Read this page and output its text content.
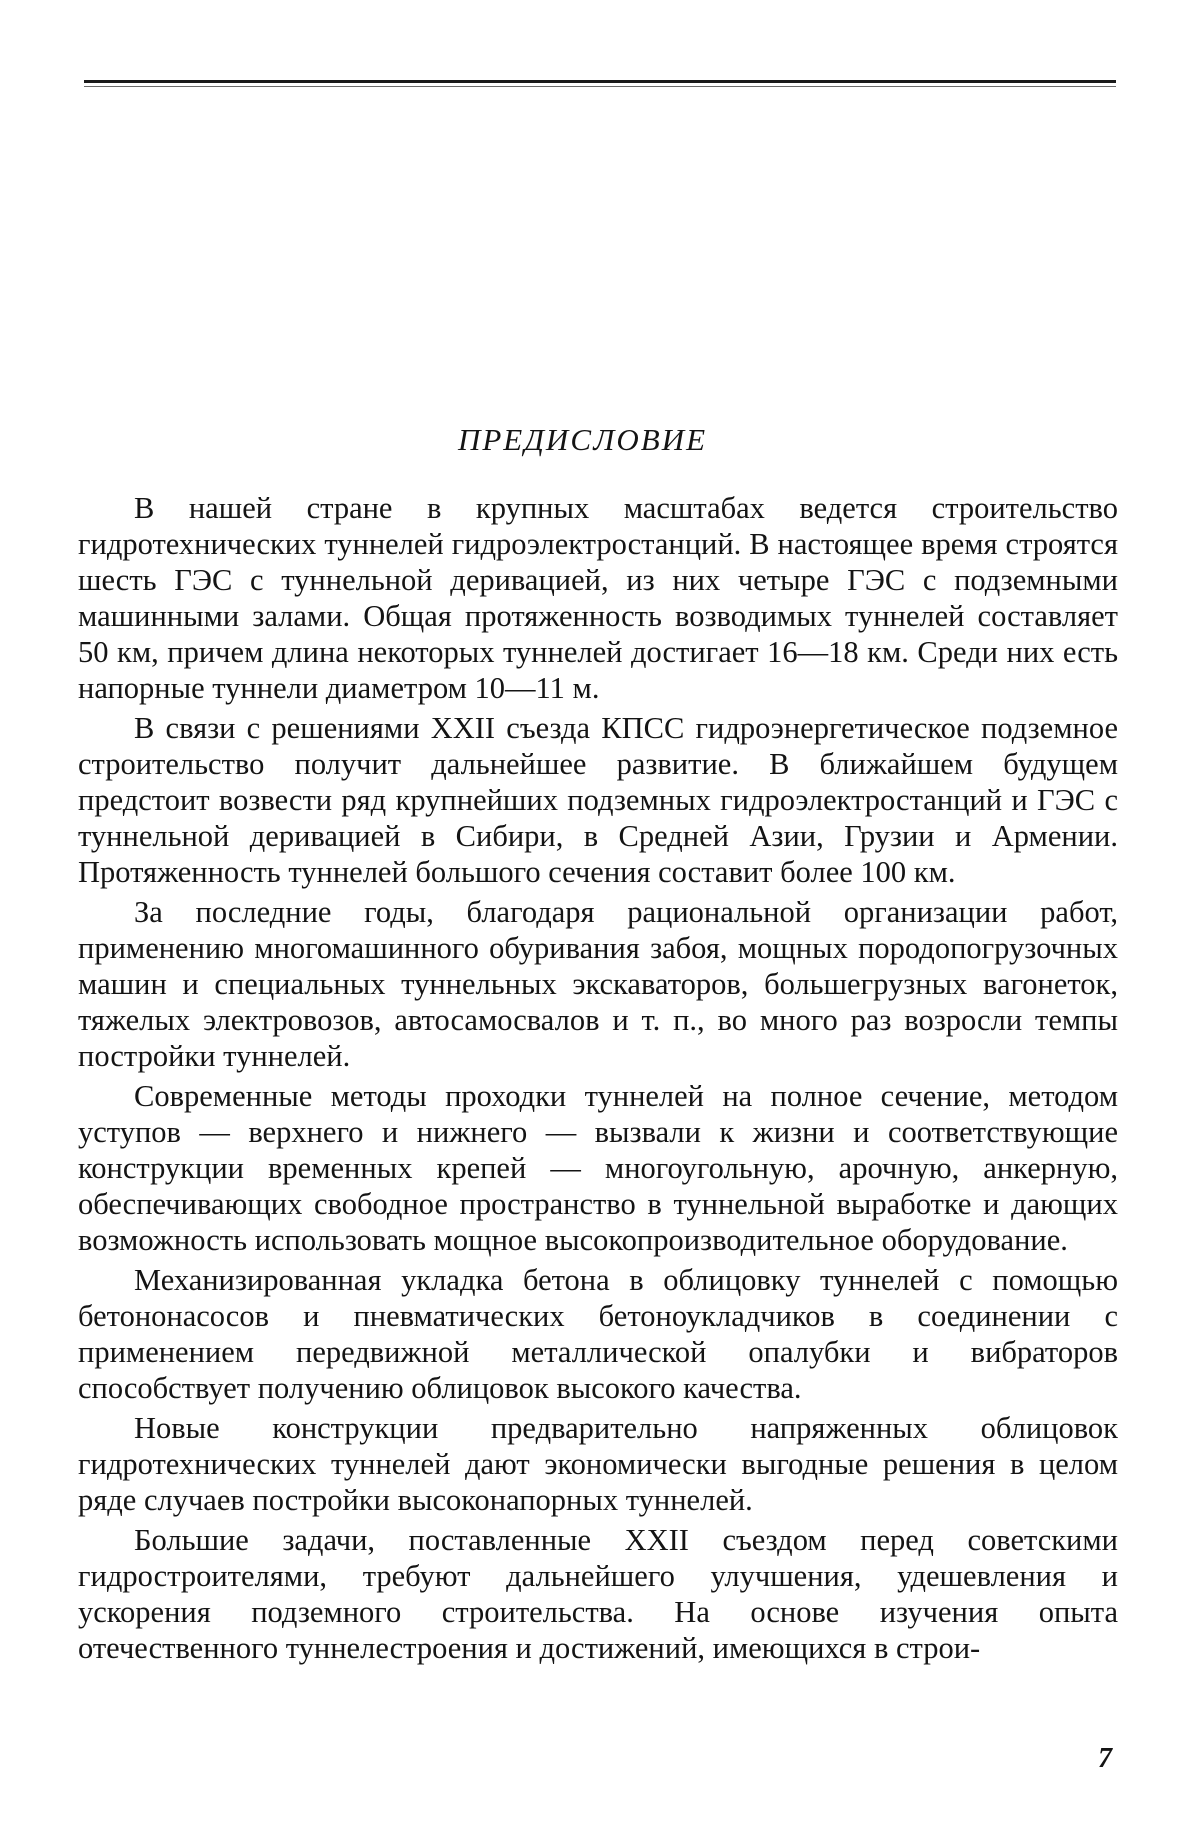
ПРЕДИСЛОВИЕ

В нашей стране в крупных масштабах ведется строительство гидротехнических туннелей гидроэлектростанций. В настоящее время строятся шесть ГЭС с туннельной деривацией, из них четыре ГЭС с подземными машинными залами. Общая протяженность возводимых туннелей составляет 50 км, причем длина некоторых туннелей достигает 16—18 км. Среди них есть напорные туннели диаметром 10—11 м.

В связи с решениями XXII съезда КПСС гидроэнергетическое подземное строительство получит дальнейшее развитие. В ближайшем будущем предстоит возвести ряд крупнейших подземных гидроэлектростанций и ГЭС с туннельной деривацией в Сибири, в Средней Азии, Грузии и Армении. Протяженность туннелей большого сечения составит более 100 км.

За последние годы, благодаря рациональной организации работ, применению многомашинного обуривания забоя, мощных породопогрузочных машин и специальных туннельных экскаваторов, большегрузных вагонеток, тяжелых электровозов, автосамосвалов и т. п., во много раз возросли темпы постройки туннелей.

Современные методы проходки туннелей на полное сечение, методом уступов — верхнего и нижнего — вызвали к жизни и соответствующие конструкции временных крепей — многоугольную, арочную, анкерную, обеспечивающих свободное пространство в туннельной выработке и дающих возможность использовать мощное высокопроизводительное оборудование.

Механизированная укладка бетона в облицовку туннелей с помощью бетононасосов и пневматических бетоноукладчиков в соединении с применением передвижной металлической опалубки и вибраторов способствует получению облицовок высокого качества.

Новые конструкции предварительно напряженных облицовок гидротехнических туннелей дают экономически выгодные решения в целом ряде случаев постройки высоконапорных туннелей.

Большие задачи, поставленные XXII съездом перед советскими гидростроителями, требуют дальнейшего улучшения, удешевления и ускорения подземного строительства. На основе изучения опыта отечественного туннелестроения и достижений, имеющихся в строи-

7
